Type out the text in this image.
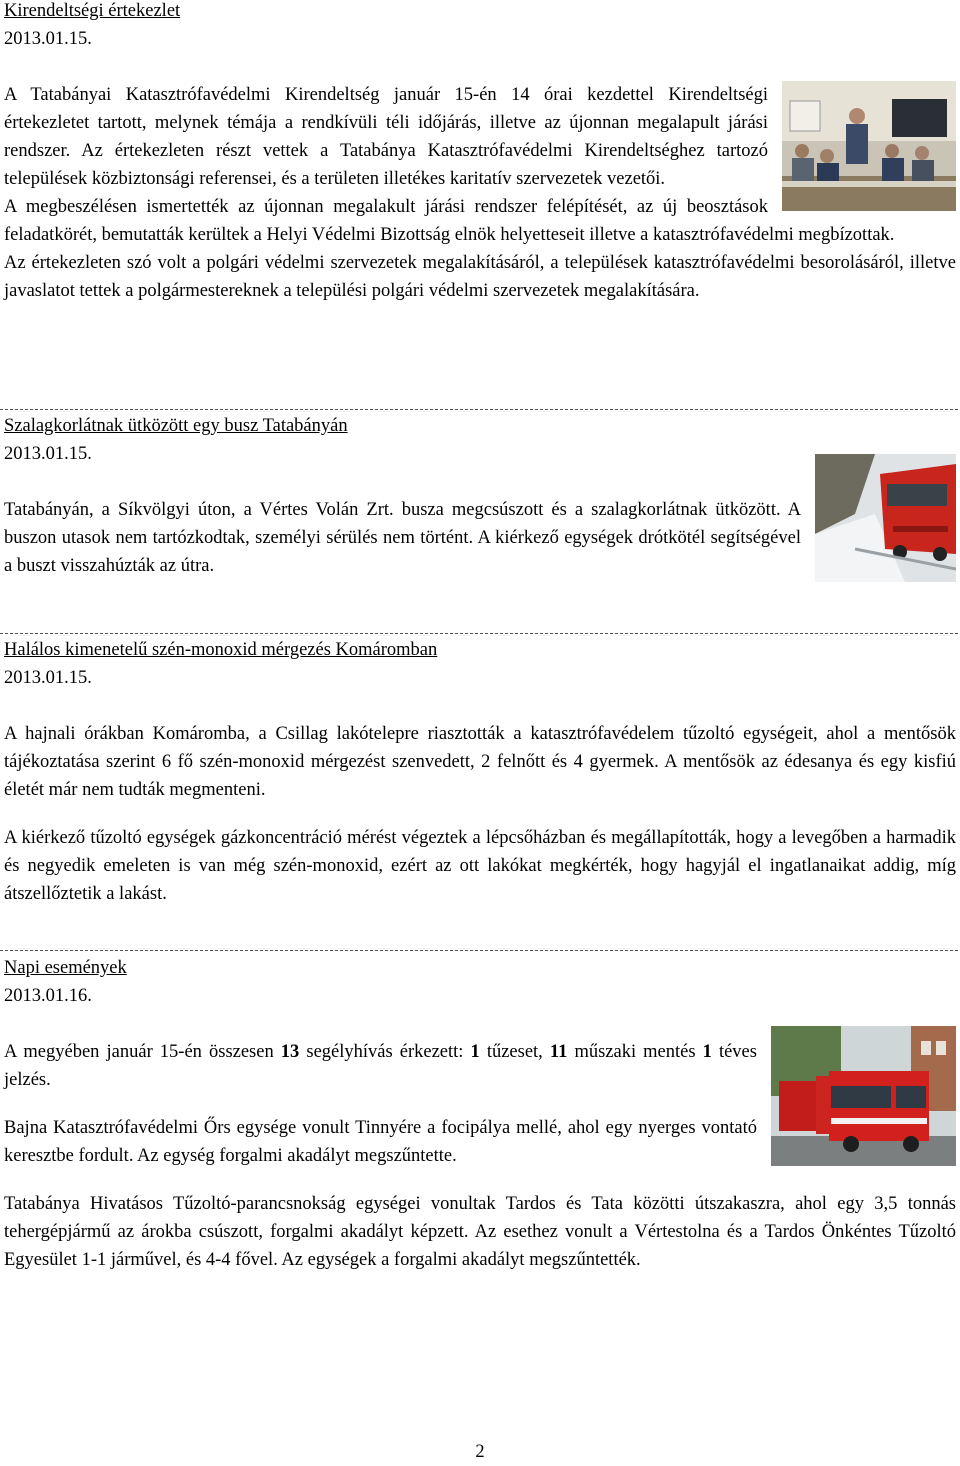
Kirendeltségi értekezlet
2013.01.15.

A Tatabányai Katasztrófavédelmi Kirendeltség január 15-én 14 órai kezdettel Kirendeltségi értekezletet tartott, melynek témája a rendkívüli téli időjárás, illetve az újonnan megalapult járási rendszer. Az értekezleten részt vettek a Tatabánya Katasztrófavédelmi Kirendeltséghez tartozó települések közbiztonsági referensei, és a területen illetékes karitatív szervezetek vezetői.

A megbeszélésen ismertették az újonnan megalakult járási rendszer felépítését, az új beosztások feladatkörét, bemutatták kerültek a Helyi Védelmi Bizottság elnök helyetteseit illetve a katasztrófavédelmi megbízottak.

Az értekezleten szó volt a polgári védelmi szervezetek megalakításáról, a települések katasztrófavédelmi besorolásáról, illetve javaslatot tettek a polgármestereknek a települési polgári védelmi szervezetek megalakítására.

Szalagkorlátnak ütközött egy busz Tatabányán
2013.01.15.

Tatabányán, a Síkvölgyi úton, a Vértes Volán Zrt. busza megcsúszott és a szalagkorlátnak ütközött. A buszon utasok nem tartózkodtak, személyi sérülés nem történt. A kiérkező egységek drótkötél segítségével a buszt visszahúzták az útra.

Halálos kimenetelű szén-monoxid mérgezés Komáromban
2013.01.15.

A hajnali órákban Komáromba, a Csillag lakótelepre riasztották a katasztrófavédelem tűzoltó egységeit, ahol a mentősök tájékoztatása szerint 6 fő szén-monoxid mérgezést szenvedett, 2 felnőtt és 4 gyermek. A mentősök az édesanya és egy kisfiú életét már nem tudták megmenteni.

A kiérkező tűzoltó egységek gázkoncentráció mérést végeztek a lépcsőházban és megállapították, hogy a levegőben a harmadik és negyedik emeleten is van még szén-monoxid, ezért az ott lakókat megkérték, hogy hagyjál el ingatlanaikat addig, míg átszellőztetik a lakást.

Napi események
2013.01.16.

A megyében január 15-én összesen 13 segélyhívás érkezett: 1 tűzeset, 11 műszaki mentés 1 téves jelzés.

Bajna Katasztrófavédelmi Őrs egysége vonult Tinnyére a focipálya mellé, ahol egy nyerges vontató keresztbe fordult. Az egység forgalmi akadályt megszűntette.

Tatabánya Hivatásos Tűzoltó-parancsnokság egységei vonultak Tardos és Tata közötti útszakaszra, ahol egy 3,5 tonnás tehergépjármű az árokba csúszott, forgalmi akadályt képzett. Az esethez vonult a Vértestolna és a Tardos Önkéntes Tűzoltó Egyesület 1-1 járművel, és 4-4 fővel. Az egységek a forgalmi akadályt megszűntették.

2
